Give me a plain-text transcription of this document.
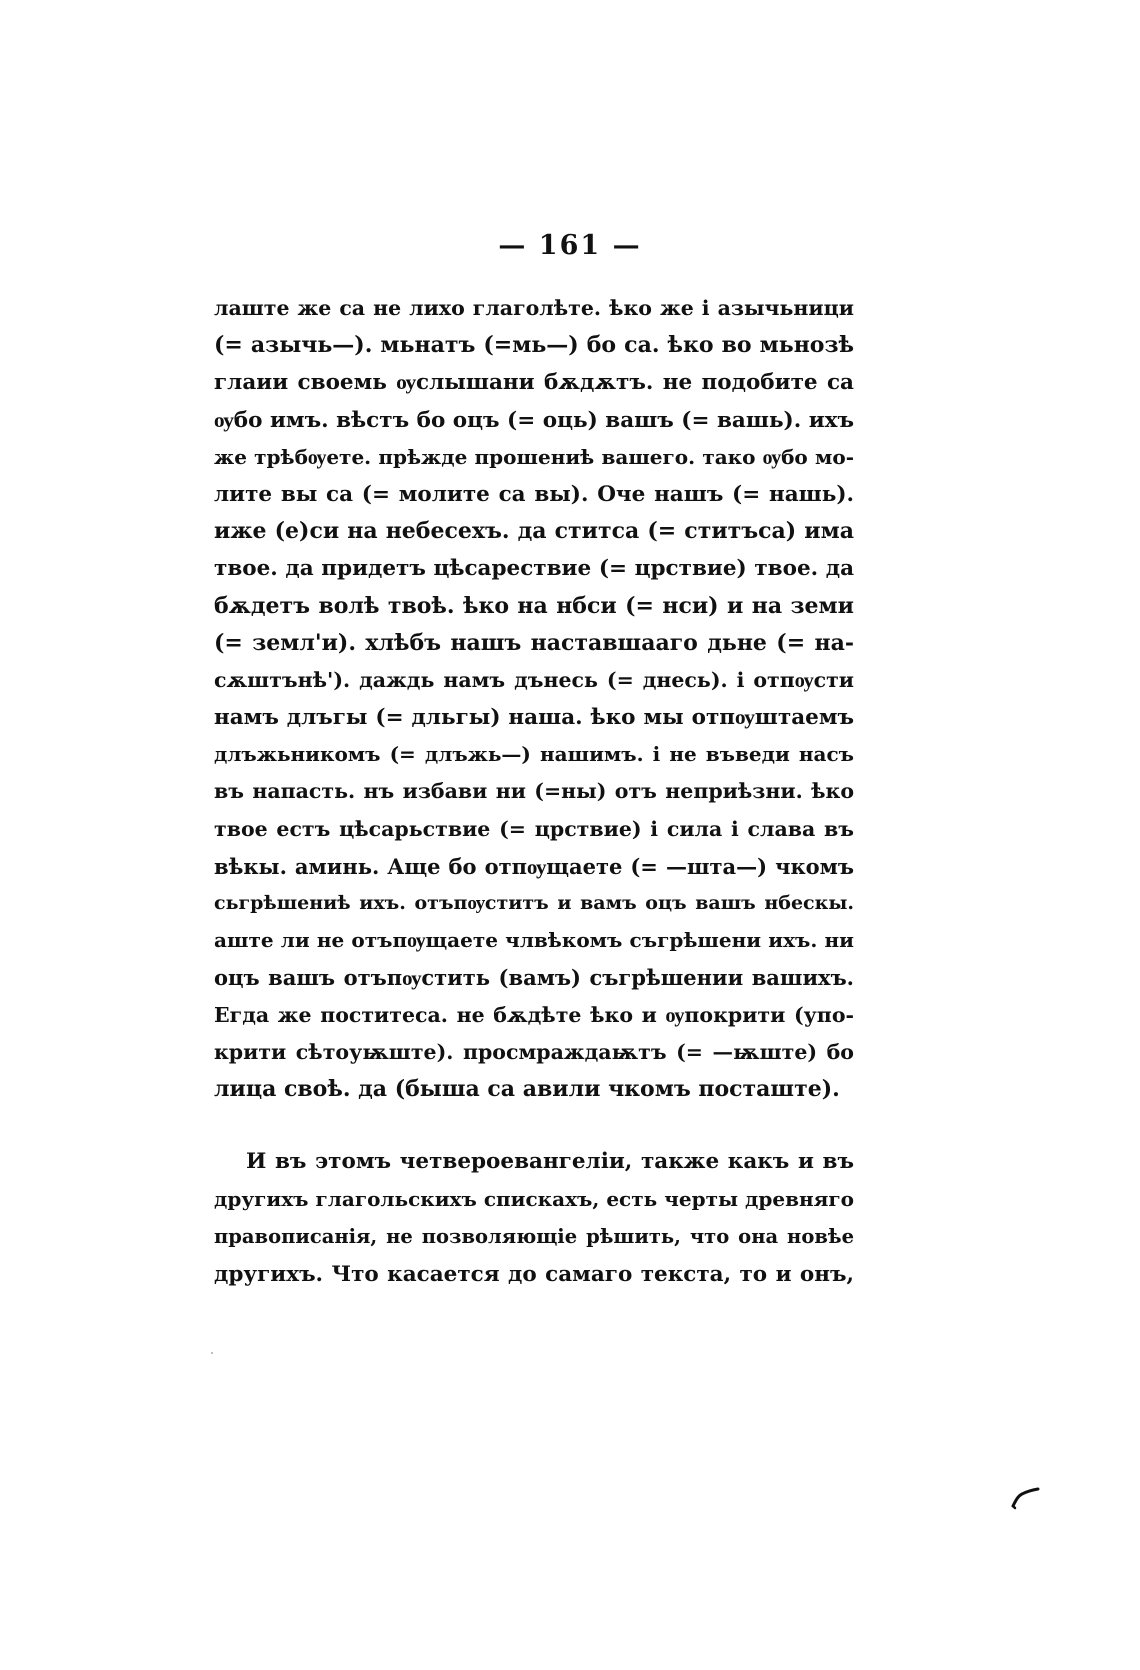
— 161 —
лаште же са не лихо глаголѣте. ѣко же і азычьници
(= азычь—). мьнатъ (=мь—) бо са. ѣко во мьнозѣ
глаии своемь ѹслышани бѫдѫтъ. не подобите са
ѹбо имъ. вѣстъ бо оцъ (= оць) вашъ (= вашь). ихъ
же трѣбѹете. прѣжде прошениѣ вашего. тако ѹбо мо-
лите вы са (= молите са вы). Оче нашъ (= нашь).
иже (е)си на небесехъ. да ститса (= ститъса) има
твое. да придетъ цѣсарествие (= црствие) твое. да
бѫдетъ волѣ твоѣ. ѣко на нбси (= нси) и на земи
(= земл'и). хлѣбъ нашъ наставшаагo дьне (= на-
сѫштънѣ'). даждь намъ дънесь (= днесь). і отпѹсти
намъ длъгы (= дльгы) наша. ѣко мы отпѹштаемъ
длъжьникомъ (= длъжь—) нашимъ. і не въведи насъ
въ напасть. нъ избави ни (=ны) отъ неприѣзни. ѣко
твое естъ цѣсарьствие (= црствие) і сила і слава въ
вѣкы. аминь. Аще бо отпѹщаете (= —шта—) чкомъ
сьгрѣшениѣ ихъ. отъпѹститъ и вамъ оцъ вашъ нбескы.
аште ли не отъпѹщаете члвѣкомъ съгрѣшени ихъ. ни
оцъ вашъ отъпѹстить (вамъ) съгрѣшении вашихъ.
Егда же поститеса. не бѫдѣте ѣко и ѹпокрити (упо-
крити сѣтоуѭште). просмраждаѭтъ (= —ѭште) бо
лица своѣ. да (быша са авили чкомъ посташте).
И въ этомъ четвероевангеліи, также какъ и въ
другихъ глагольскихъ спискахъ, есть черты древняго
правописанія, не позволяющіе рѣшить, что она новѣе
другихъ. Что касается до самаго текста, то и онъ,
